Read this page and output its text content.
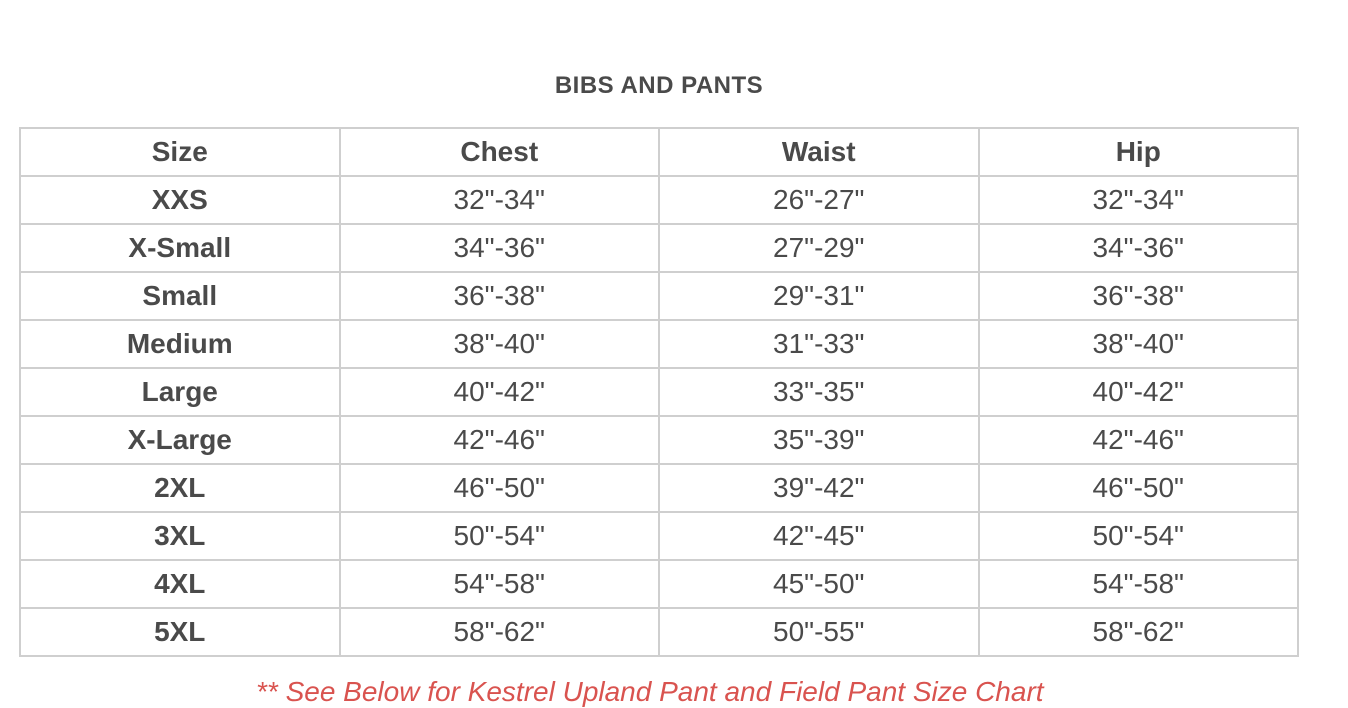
BIBS AND PANTS
Size	Chest	Waist	Hip
XXS	32"-34"	26"-27"	32"-34"
X-Small	34"-36"	27"-29"	34"-36"
Small	36"-38"	29"-31"	36"-38"
Medium	38"-40"	31"-33"	38"-40"
Large	40"-42"	33"-35"	40"-42"
X-Large	42"-46"	35"-39"	42"-46"
2XL	46"-50"	39"-42"	46"-50"
3XL	50"-54"	42"-45"	50"-54"
4XL	54"-58"	45"-50"	54"-58"
5XL	58"-62"	50"-55"	58"-62"
** See Below for Kestrel Upland Pant and Field Pant Size Chart
